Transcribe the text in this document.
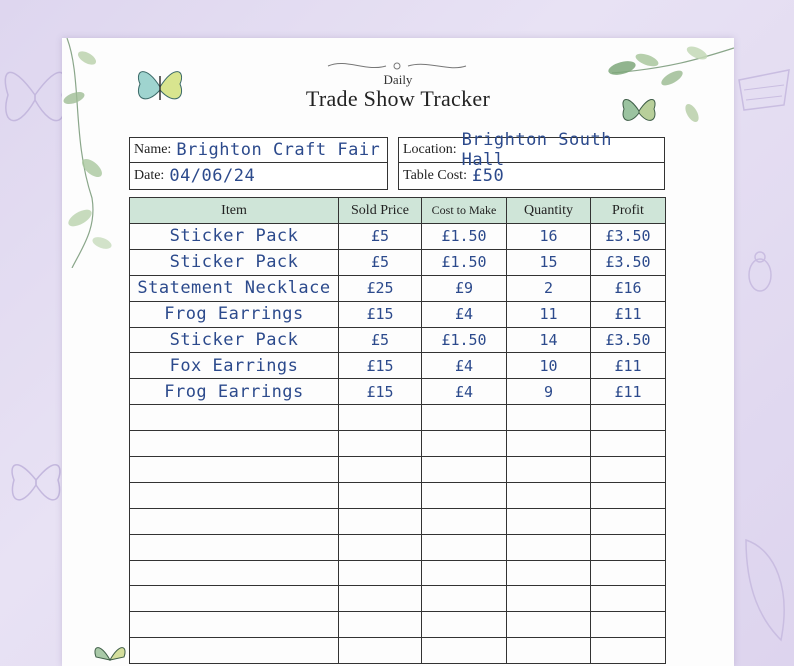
Daily
Trade Show Tracker
Name: Brighton Craft Fair
Date: 04/06/24
Location: Brighton South Hall
Table Cost: £50
Item	Sold Price	Cost to Make	Quantity	Profit
Sticker Pack	£5	£1.50	16	£3.50
Sticker Pack	£5	£1.50	15	£3.50
Statement Necklace	£25	£9	2	£16
Frog Earrings	£15	£4	11	£11
Sticker Pack	£5	£1.50	14	£3.50
Fox Earrings	£15	£4	10	£11
Frog Earrings	£15	£4	9	£11
